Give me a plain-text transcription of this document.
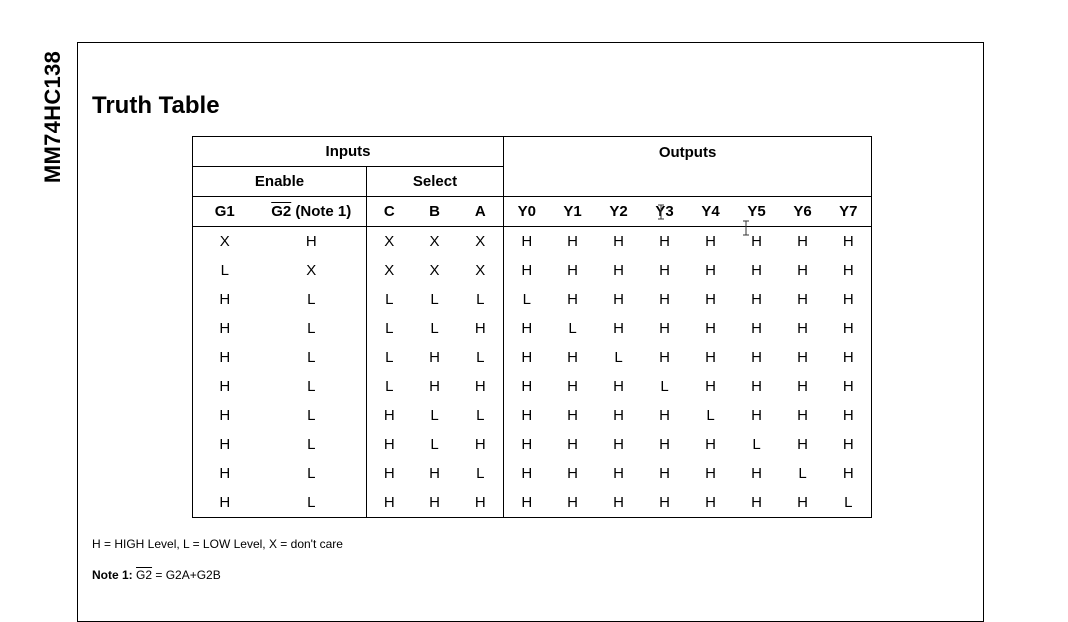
MM74HC138 Truth Table
Inputs					Outputs							
Enable		Select										
G1	G2 (Note 1)	C	B	A	Y0	Y1	Y2	Y3	Y4	Y5	Y6	Y7
X	H	X	X	X	H	H	H	H	H	H	H	H
L	X	X	X	X	H	H	H	H	H	H	H	H
H	L	L	L	L	L	H	H	H	H	H	H	H
H	L	L	L	H	H	L	H	H	H	H	H	H
H	L	L	H	L	H	H	L	H	H	H	H	H
H	L	L	H	H	H	H	H	L	H	H	H	H
H	L	H	L	L	H	H	H	H	L	H	H	H
H	L	H	L	H	H	H	H	H	H	L	H	H
H	L	H	H	L	H	H	H	H	H	H	L	H
H	L	H	H	H	H	H	H	H	H	H	H	L
H = HIGH Level, L = LOW Level, X = don't care
Note 1: G2 = G2A+G2B
